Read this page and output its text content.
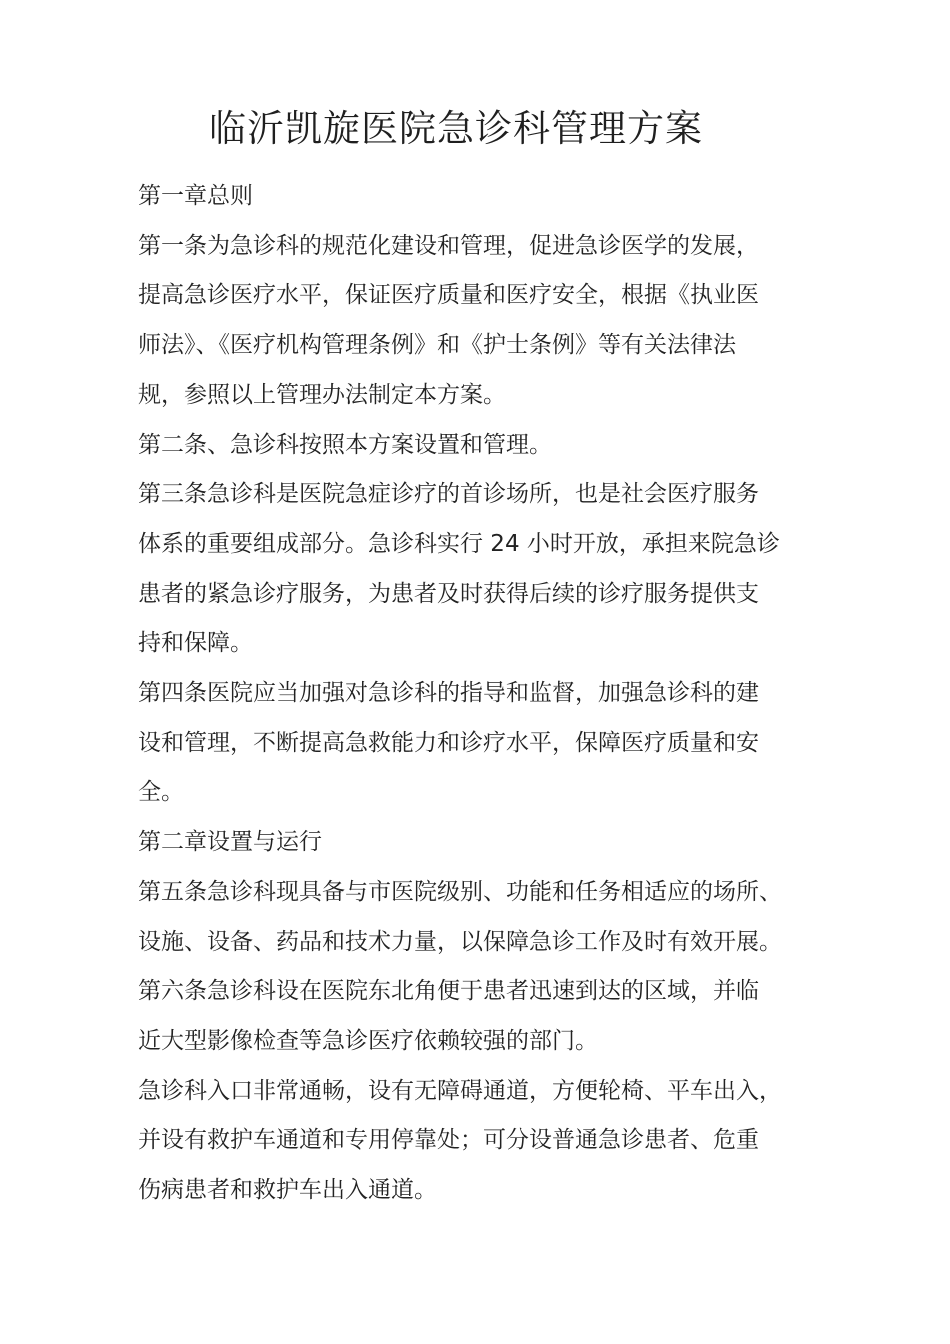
临沂凯旋医院急诊科管理方案

第一章总则

第一条为急诊科的规范化建设和管理，促进急诊医学的发展，
提高急诊医疗水平，保证医疗质量和医疗安全，根据《执业医
师法》、《医疗机构管理条例》和《护士条例》等有关法律法
规，参照以上管理办法制定本方案。

第二条、急诊科按照本方案设置和管理。

第三条急诊科是医院急症诊疗的首诊场所，也是社会医疗服务
体系的重要组成部分。急诊科实行 24 小时开放，承担来院急诊
患者的紧急诊疗服务，为患者及时获得后续的诊疗服务提供支
持和保障。

第四条医院应当加强对急诊科的指导和监督，加强急诊科的建
设和管理，不断提高急救能力和诊疗水平，保障医疗质量和安
全。

第二章设置与运行

第五条急诊科现具备与市医院级别、功能和任务相适应的场所、
设施、设备、药品和技术力量，以保障急诊工作及时有效开展。

第六条急诊科设在医院东北角便于患者迅速到达的区域，并临
近大型影像检查等急诊医疗依赖较强的部门。

急诊科入口非常通畅，设有无障碍通道，方便轮椅、平车出入，
并设有救护车通道和专用停靠处；可分设普通急诊患者、危重
伤病患者和救护车出入通道。
